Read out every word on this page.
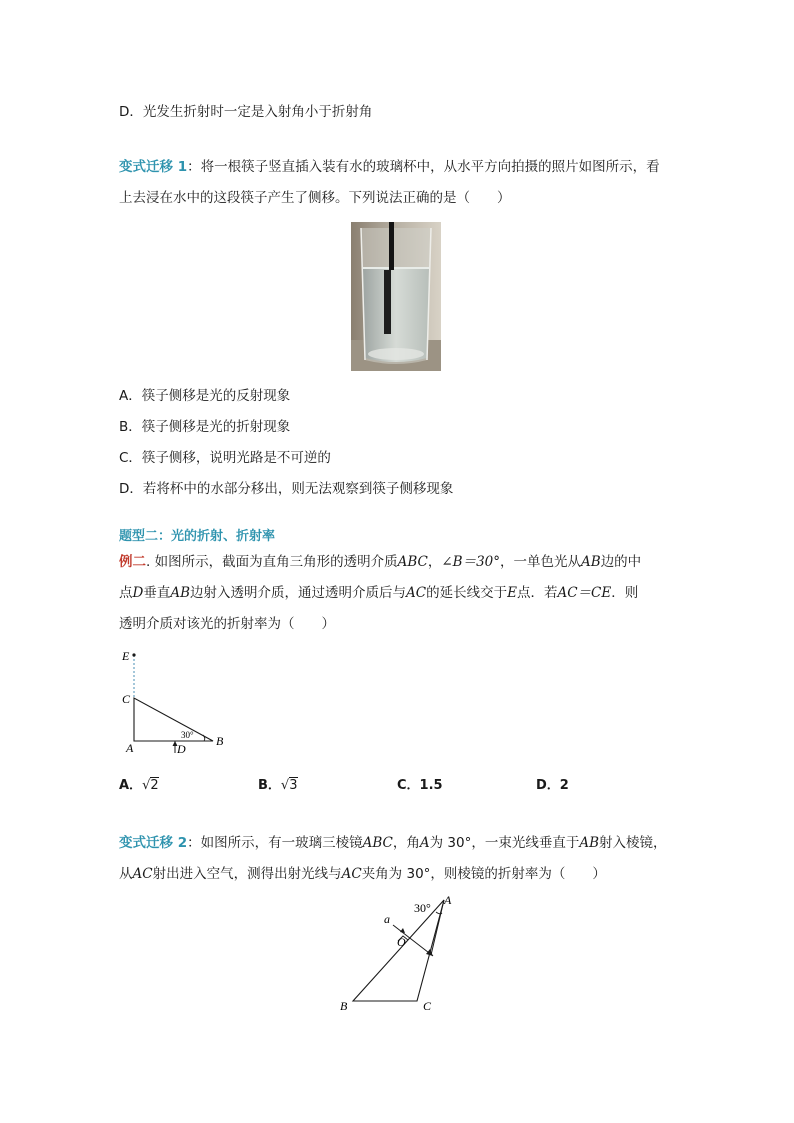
D．光发生折射时一定是入射角小于折射角
变式迁移 1：将一根筷子竖直插入装有水的玻璃杯中，从水平方向拍摄的照片如图所示，看
上去浸在水中的这段筷子产生了侧移。下列说法正确的是（　　）
A．筷子侧移是光的反射现象
B．筷子侧移是光的折射现象
C．筷子侧移，说明光路是不可逆的
D．若将杯中的水部分移出，则无法观察到筷子侧移现象
题型二：光的折射、折射率
例二. 如图所示，截面为直角三角形的透明介质ABC，∠B＝30°，一单色光从AB边的中
点D垂直AB边射入透明介质，通过透明介质后与AC的延长线交于E点．若AC＝CE．则
透明介质对该光的折射率为（　　）
E
C
A	B
D
30°
A．√2	B．√3	C．1.5	D．2
变式迁移 2：如图所示，有一玻璃三棱镜ABC，角A为 30°，一束光线垂直于AB射入棱镜，
从AC射出进入空气，测得出射光线与AC夹角为 30°，则棱镜的折射率为（　　）
30°
A
a
O
B	C
